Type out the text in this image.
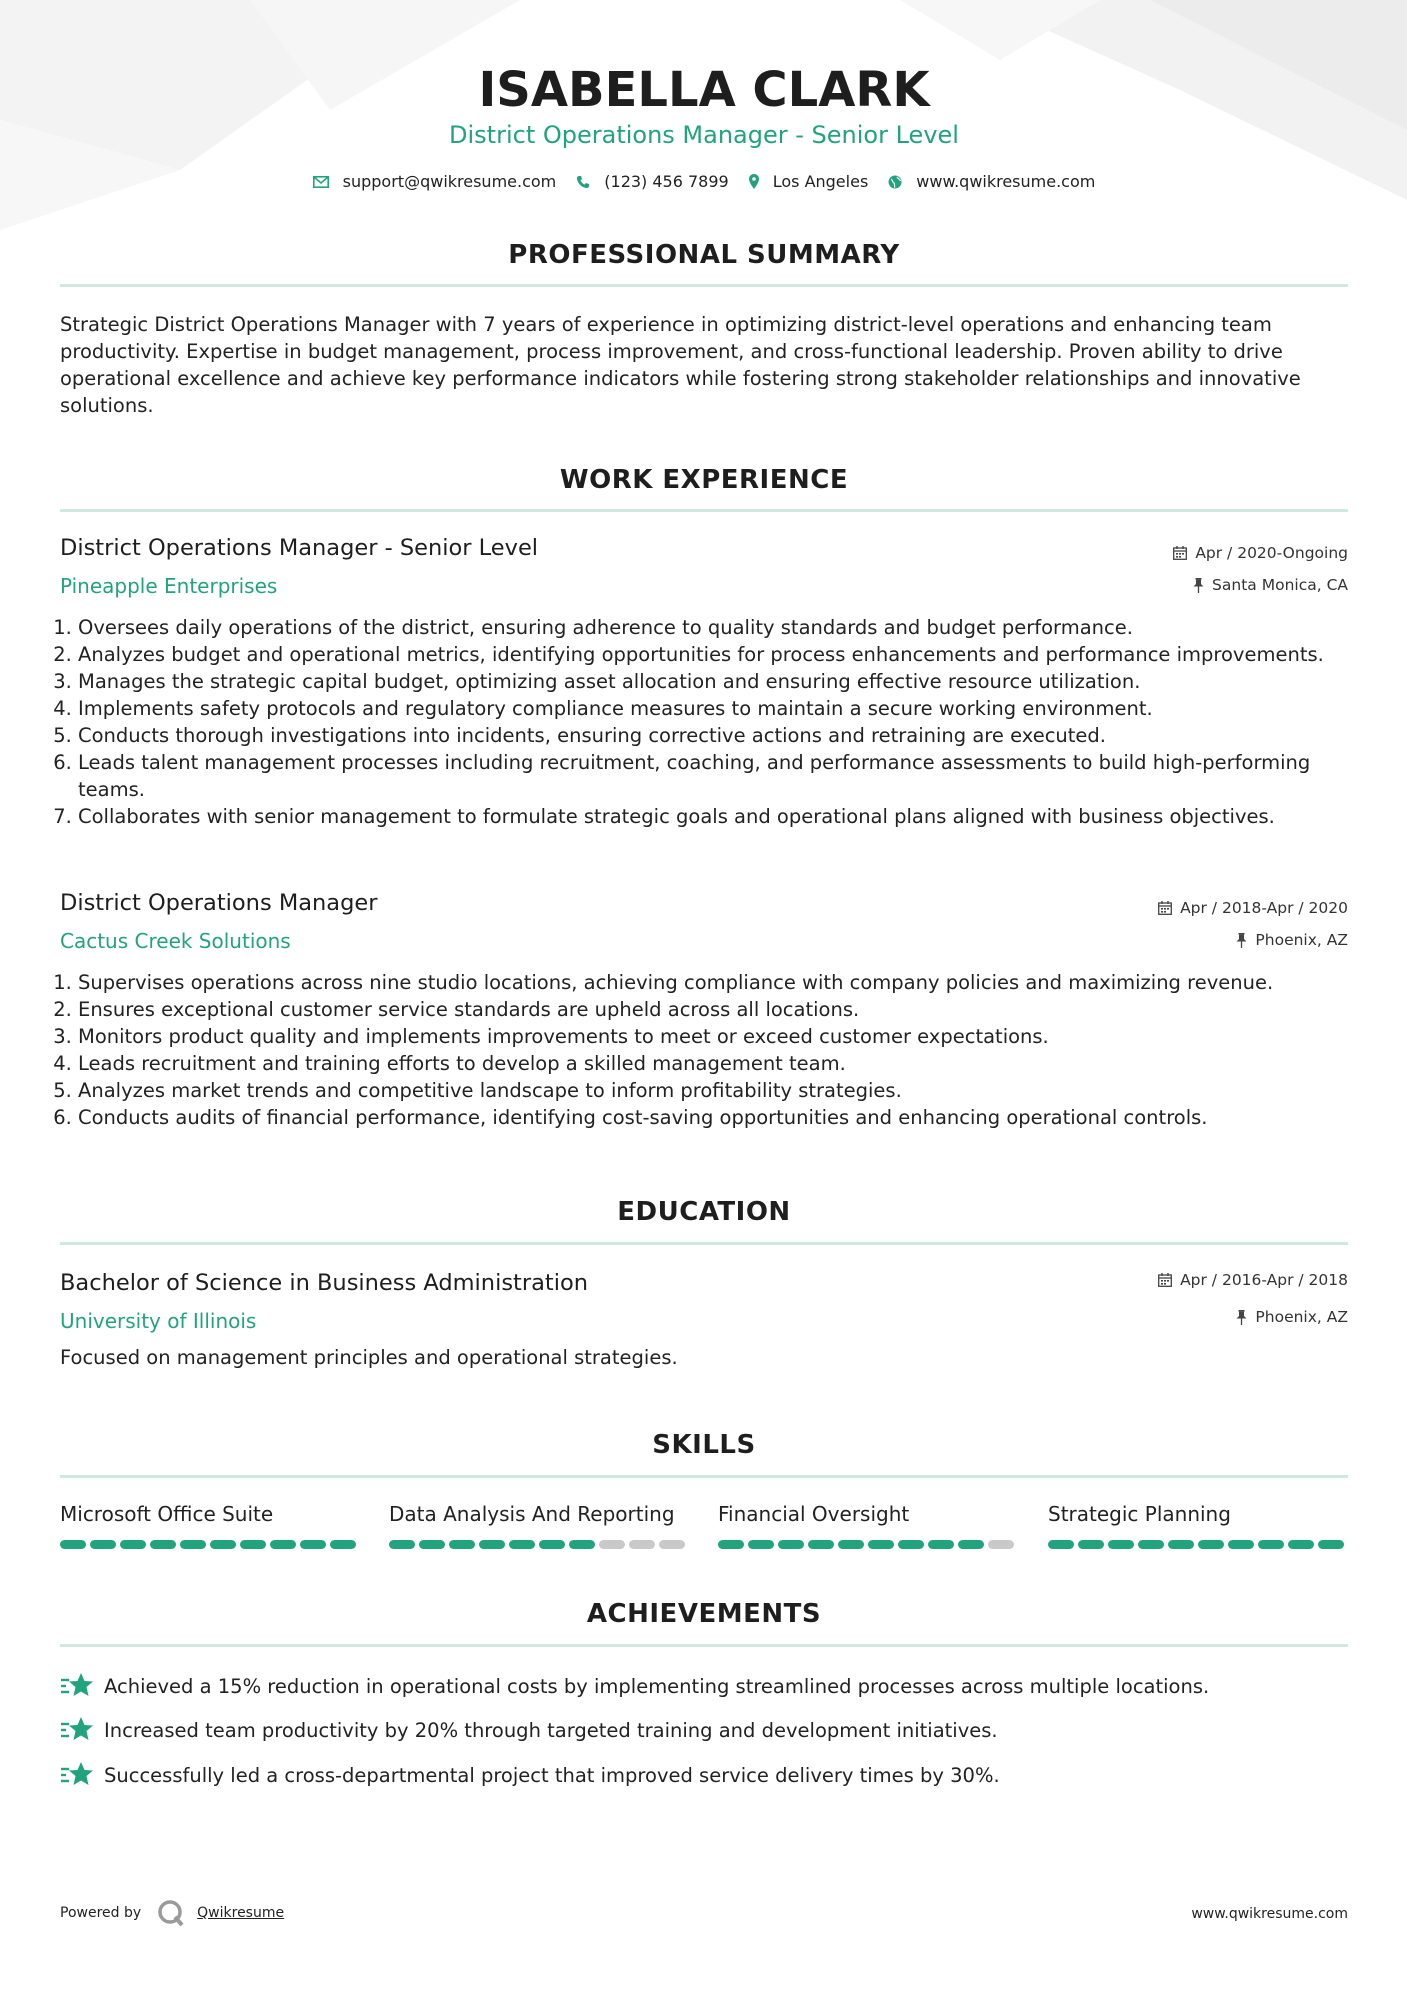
ISABELLA CLARK
District Operations Manager - Senior Level
support@qwikresume.com	(123) 456 7899	Los Angeles	www.qwikresume.com
PROFESSIONAL SUMMARY
Strategic District Operations Manager with 7 years of experience in optimizing district-level operations and enhancing team productivity. Expertise in budget management, process improvement, and cross-functional leadership. Proven ability to drive operational excellence and achieve key performance indicators while fostering strong stakeholder relationships and innovative solutions.
WORK EXPERIENCE
District Operations Manager - Senior Level	Apr / 2020-Ongoing
Pineapple Enterprises	Santa Monica, CA
1. Oversees daily operations of the district, ensuring adherence to quality standards and budget performance.
2. Analyzes budget and operational metrics, identifying opportunities for process enhancements and performance improvements.
3. Manages the strategic capital budget, optimizing asset allocation and ensuring effective resource utilization.
4. Implements safety protocols and regulatory compliance measures to maintain a secure working environment.
5. Conducts thorough investigations into incidents, ensuring corrective actions and retraining are executed.
6. Leads talent management processes including recruitment, coaching, and performance assessments to build high-performing teams.
7. Collaborates with senior management to formulate strategic goals and operational plans aligned with business objectives.
District Operations Manager	Apr / 2018-Apr / 2020
Cactus Creek Solutions	Phoenix, AZ
1. Supervises operations across nine studio locations, achieving compliance with company policies and maximizing revenue.
2. Ensures exceptional customer service standards are upheld across all locations.
3. Monitors product quality and implements improvements to meet or exceed customer expectations.
4. Leads recruitment and training efforts to develop a skilled management team.
5. Analyzes market trends and competitive landscape to inform profitability strategies.
6. Conducts audits of financial performance, identifying cost-saving opportunities and enhancing operational controls.
EDUCATION
Bachelor of Science in Business Administration	Apr / 2016-Apr / 2018
University of Illinois	Phoenix, AZ
Focused on management principles and operational strategies.
SKILLS
Microsoft Office Suite	Data Analysis And Reporting	Financial Oversight	Strategic Planning
ACHIEVEMENTS
Achieved a 15% reduction in operational costs by implementing streamlined processes across multiple locations.
Increased team productivity by 20% through targeted training and development initiatives.
Successfully led a cross-departmental project that improved service delivery times by 30%.
Powered by	Qwikresume	www.qwikresume.com
